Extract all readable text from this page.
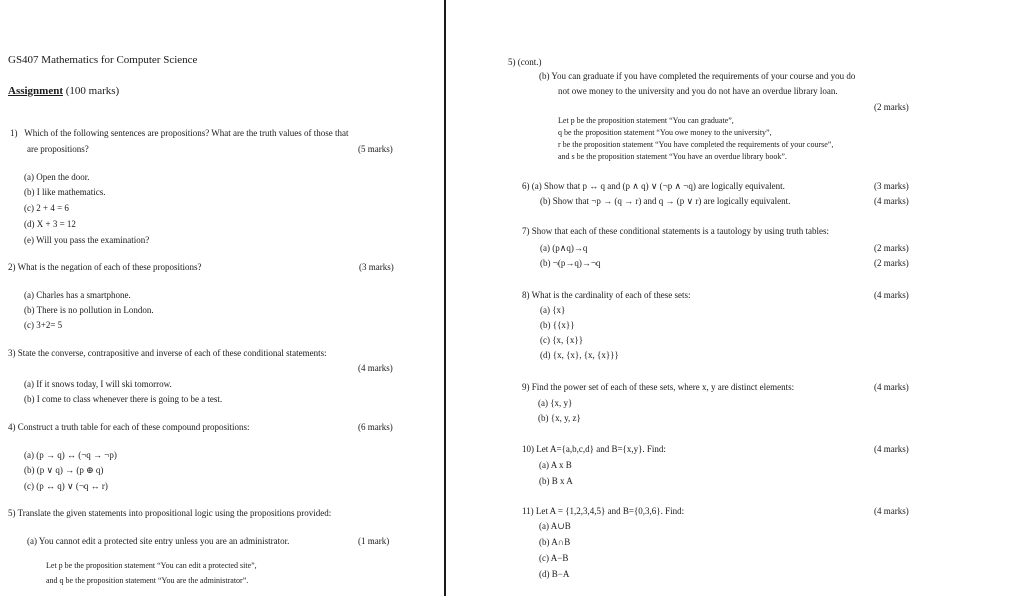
GS407 Mathematics for Computer Science
Assignment (100 marks)
1) Which of the following sentences are propositions? What are the truth values of those that
are propositions?	(5 marks)
(a) Open the door.
(b) I like mathematics.
(c) 2 + 4 = 6
(d) X + 3 = 12
(e) Will you pass the examination?
2) What is the negation of each of these propositions?	(3 marks)
(a) Charles has a smartphone.
(b) There is no pollution in London.
(c) 3+2= 5
3) State the converse, contrapositive and inverse of each of these conditional statements:
(4 marks)
(a) If it snows today, I will ski tomorrow.
(b) I come to class whenever there is going to be a test.
4) Construct a truth table for each of these compound propositions:	(6 marks)
(a) (p → q) ↔ (¬q → ¬p)
(b) (p ∨ q) → (p ⊕ q)
(c) (p ↔ q) ∨ (¬q ↔ r)
5) Translate the given statements into propositional logic using the propositions provided:
(a) You cannot edit a protected site entry unless you are an administrator.	(1 mark)
Let p be the proposition statement “You can edit a protected site”,
and q be the proposition statement “You are the administrator”.
5) (cont.)
(b) You can graduate if you have completed the requirements of your course and you do
not owe money to the university and you do not have an overdue library loan.
(2 marks)
Let p be the proposition statement “You can graduate”,
q be the proposition statement “You owe money to the university”,
r be the proposition statement “You have completed the requirements of your course”,
and s be the proposition statement “You have an overdue library book”.
6) (a) Show that p ↔ q and (p ∧ q) ∨ (¬p ∧ ¬q) are logically equivalent.	(3 marks)
(b) Show that ¬p → (q → r) and q → (p ∨ r) are logically equivalent.	(4 marks)
7) Show that each of these conditional statements is a tautology by using truth tables:
(a) (p∧q)→q	(2 marks)
(b) ¬(p→q)→¬q	(2 marks)
8) What is the cardinality of each of these sets:	(4 marks)
(a) {x}
(b) {{x}}
(c) {x, {x}}
(d) {x, {x}, {x, {x}}}
9) Find the power set of each of these sets, where x, y are distinct elements:	(4 marks)
(a) {x, y}
(b) {x, y, z}
10) Let A={a,b,c,d} and B={x,y}. Find:	(4 marks)
(a) A x B
(b) B x A
11) Let A = {1,2,3,4,5} and B={0,3,6}. Find:	(4 marks)
(a) A∪B
(b) A∩B
(c) A−B
(d) B−A
